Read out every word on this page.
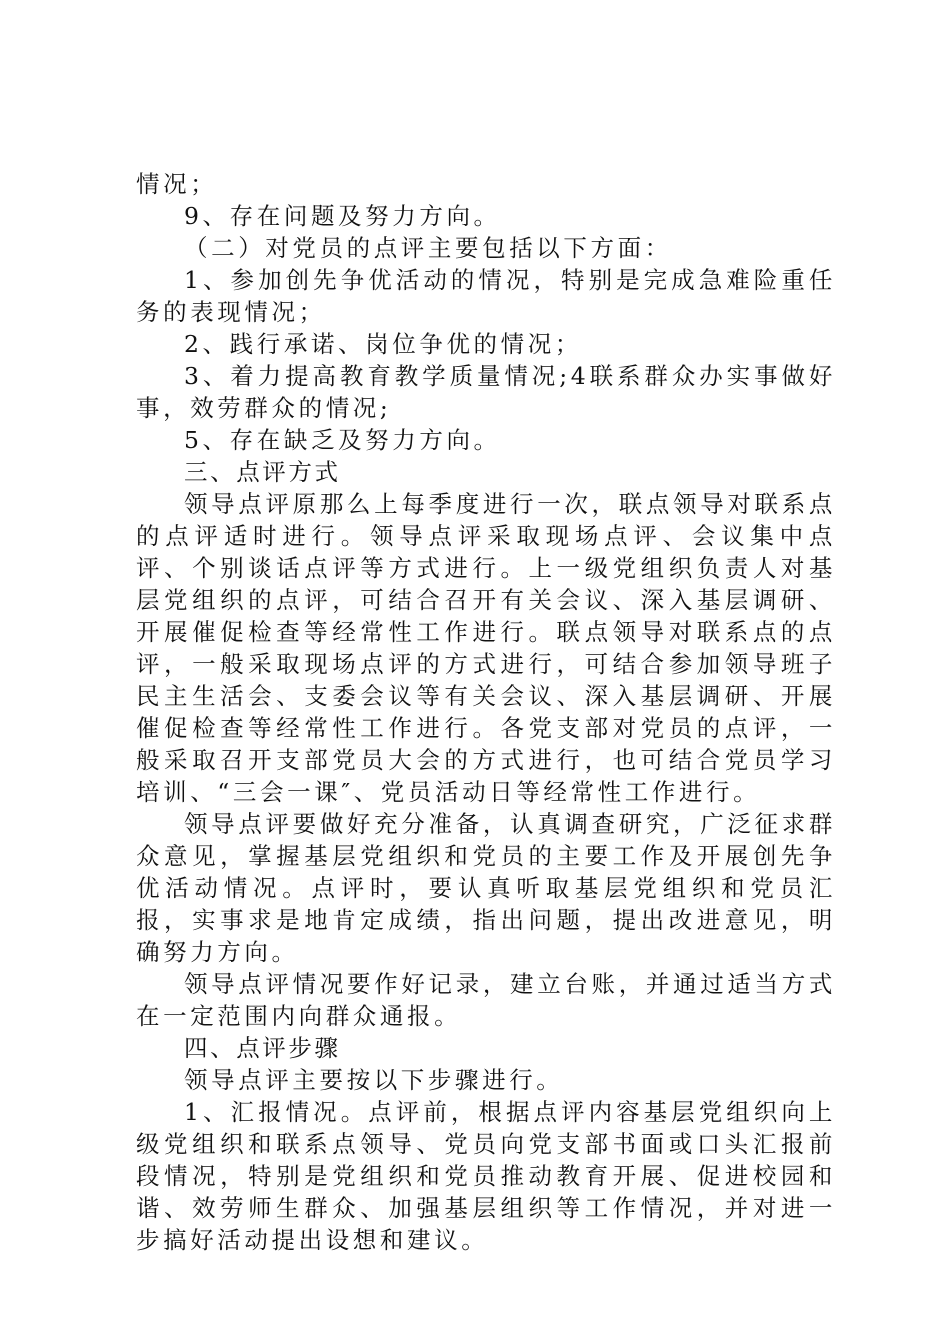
情况；

9、存在问题及努力方向。

（二）对党员的点评主要包括以下方面：

1、参加创先争优活动的情况，特别是完成急难险重任务的表现情况；

2、践行承诺、岗位争优的情况；

3、着力提高教育教学质量情况;4联系群众办实事做好事，效劳群众的情况;

5、存在缺乏及努力方向。

三、点评方式

领导点评原那么上每季度进行一次，联点领导对联系点的点评适时进行。领导点评采取现场点评、会议集中点评、个别谈话点评等方式进行。上一级党组织负责人对基层党组织的点评，可结合召开有关会议、深入基层调研、开展催促检查等经常性工作进行。联点领导对联系点的点评，一般采取现场点评的方式进行，可结合参加领导班子民主生活会、支委会议等有关会议、深入基层调研、开展催促检查等经常性工作进行。各党支部对党员的点评，一般采取召开支部党员大会的方式进行，也可结合党员学习培训、“三会一课″、党员活动日等经常性工作进行。

领导点评要做好充分准备，认真调查研究，广泛征求群众意见，掌握基层党组织和党员的主要工作及开展创先争优活动情况。点评时，要认真听取基层党组织和党员汇报，实事求是地肯定成绩，指出问题，提出改进意见，明确努力方向。

领导点评情况要作好记录，建立台账，并通过适当方式在一定范围内向群众通报。

四、点评步骤

领导点评主要按以下步骤进行。

1、汇报情况。点评前，根据点评内容基层党组织向上级党组织和联系点领导、党员向党支部书面或口头汇报前段情况，特别是党组织和党员推动教育开展、促进校园和谐、效劳师生群众、加强基层组织等工作情况，并对进一步搞好活动提出设想和建议。
